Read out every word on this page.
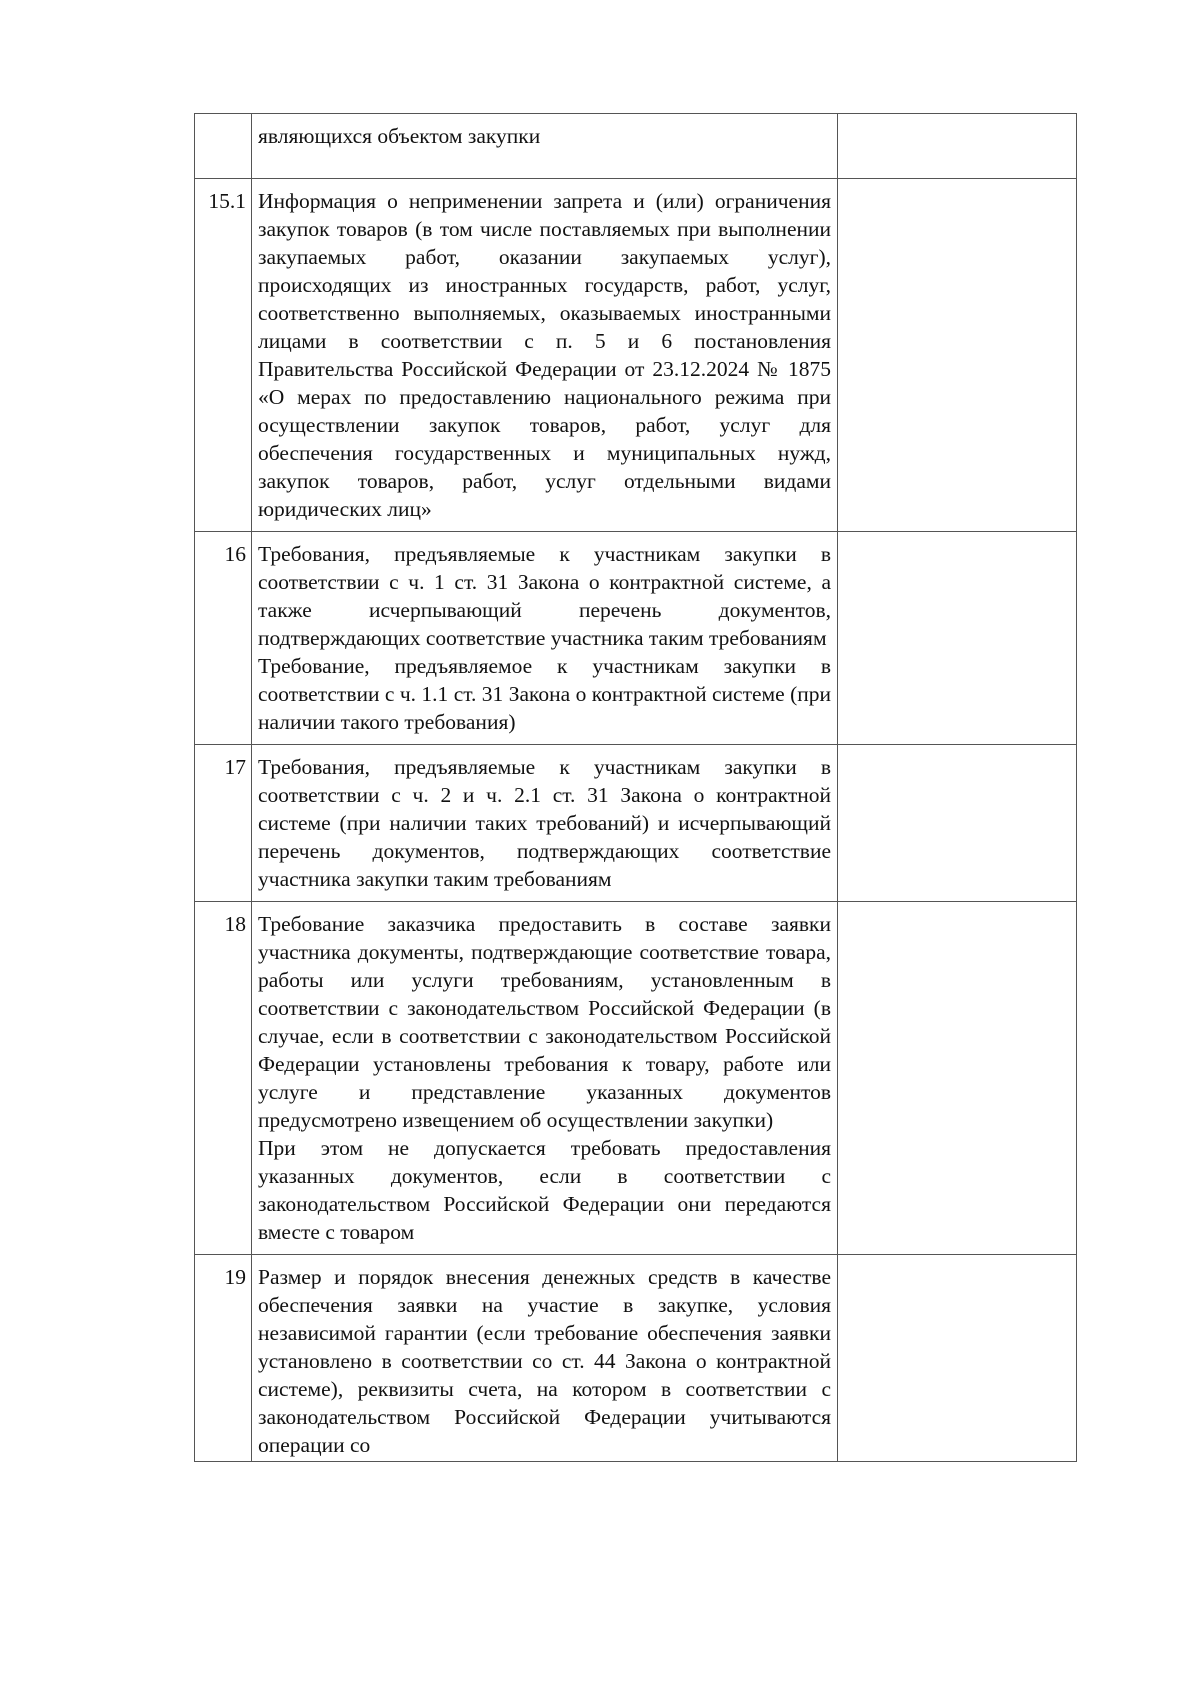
	являющихся объектом закупки	

15.1	Информация о неприменении запрета и (или) ограничения закупок товаров (в том числе поставляемых при выполнении закупаемых работ, оказании закупаемых услуг), происходящих из иностранных государств, работ, услуг, соответственно выполняемых, оказываемых иностранными лицами в соответствии с п. 5 и 6 постановления Правительства Российской Федерации от 23.12.2024 № 1875 «О мерах по предоставлению национального режима при осуществлении закупок товаров, работ, услуг для обеспечения государственных и муниципальных нужд, закупок товаров, работ, услуг отдельными видами юридических лиц»	

16	Требования, предъявляемые к участникам закупки в соответствии с ч. 1 ст. 31 Закона о контрактной системе, а также исчерпывающий перечень документов, подтверждающих соответствие участника таким требованиям

Требование, предъявляемое к участникам закупки в соответствии с ч. 1.1 ст. 31 Закона о контрактной системе (при наличии такого требования)	

17	Требования, предъявляемые к участникам закупки в соответствии с ч. 2 и ч. 2.1 ст. 31 Закона о контрактной системе (при наличии таких требований) и исчерпывающий перечень документов, подтверждающих соответствие участника закупки таким требованиям	

18	Требование заказчика предоставить в составе заявки участника документы, подтверждающие соответствие товара, работы или услуги требованиям, установленным в соответствии с законодательством Российской Федерации (в случае, если в соответствии с законодательством Российской Федерации установлены требования к товару, работе или услуге и представление указанных документов предусмотрено извещением об осуществлении закупки)

При этом не допускается требовать предоставления указанных документов, если в соответствии с законодательством Российской Федерации они передаются вместе с товаром	

19	Размер и порядок внесения денежных средств в качестве обеспечения заявки на участие в закупке, условия независимой гарантии (если требование обеспечения заявки установлено в соответствии со ст. 44 Закона о контрактной системе), реквизиты счета, на котором в соответствии с законодательством Российской Федерации учитываются операции со	
